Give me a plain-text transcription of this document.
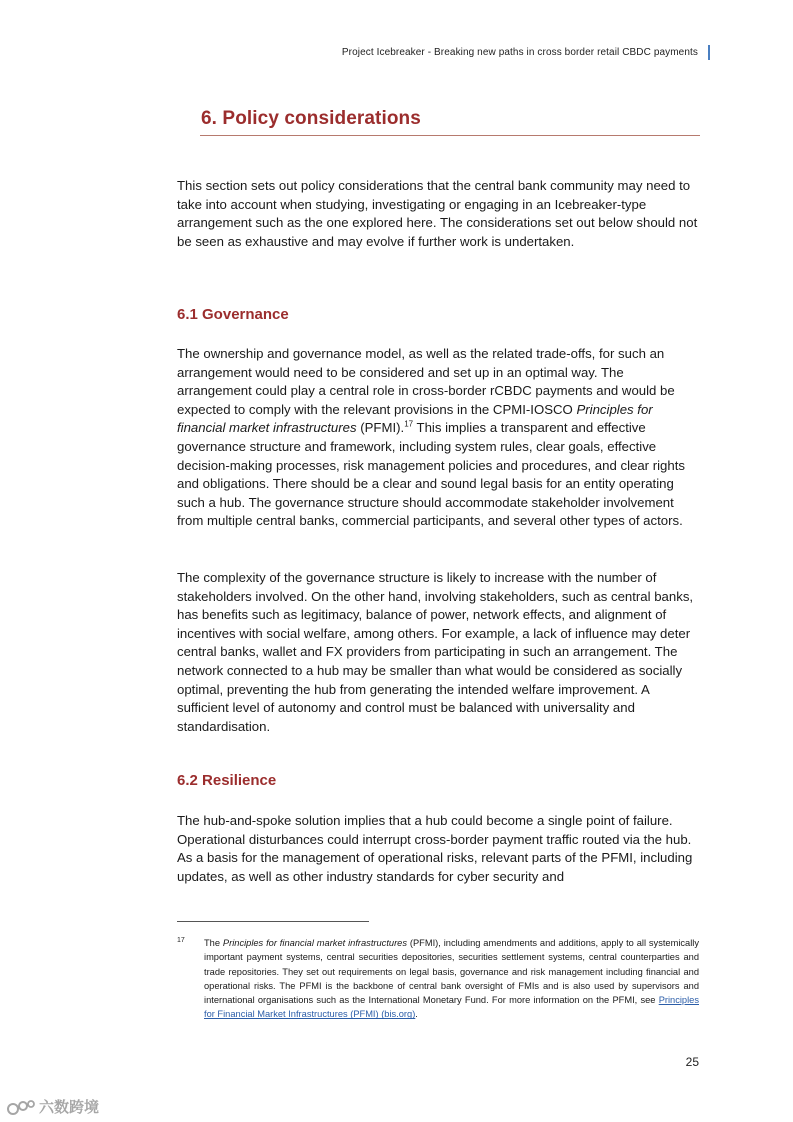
Project Icebreaker - Breaking new paths in cross border retail CBDC payments
6. Policy considerations

This section sets out policy considerations that the central bank community may need to take into account when studying, investigating or engaging in an Icebreaker-type arrangement such as the one explored here. The considerations set out below should not be seen as exhaustive and may evolve if further work is undertaken.

6.1 Governance

The ownership and governance model, as well as the related trade-offs, for such an arrangement would need to be considered and set up in an optimal way. The arrangement could play a central role in cross-border rCBDC payments and would be expected to comply with the relevant provisions in the CPMI-IOSCO Principles for financial market infrastructures (PFMI).$^{17}$ This implies a transparent and effective governance structure and framework, including system rules, clear goals, effective decision-making processes, risk management policies and procedures, and clear rights and obligations. There should be a clear and sound legal basis for an entity operating such a hub. The governance structure should accommodate stakeholder involvement from multiple central banks, commercial participants, and several other types of actors.

The complexity of the governance structure is likely to increase with the number of stakeholders involved. On the other hand, involving stakeholders, such as central banks, has benefits such as legitimacy, balance of power, network effects, and alignment of incentives with social welfare, among others. For example, a lack of influence may deter central banks, wallet and FX providers from participating in such an arrangement. The network connected to a hub may be smaller than what would be considered as socially optimal, preventing the hub from generating the intended welfare improvement. A sufficient level of autonomy and control must be balanced with universality and standardisation.

6.2 Resilience

The hub-and-spoke solution implies that a hub could become a single point of failure. Operational disturbances could interrupt cross-border payment traffic routed via the hub. As a basis for the management of operational risks, relevant parts of the PFMI, including updates, as well as other industry standards for cyber security and

17 The Principles for financial market infrastructures (PFMI), including amendments and additions, apply to all systemically important payment systems, central securities depositories, securities settlement systems, central counterparties and trade repositories. They set out requirements on legal basis, governance and risk management including financial and operational risks. The PFMI is the backbone of central bank oversight of FMIs and is also used by supervisors and international organisations such as the International Monetary Fund. For more information on the PFMI, see Principles for Financial Market Infrastructures (PFMI) (bis.org).

25
六数跨境
